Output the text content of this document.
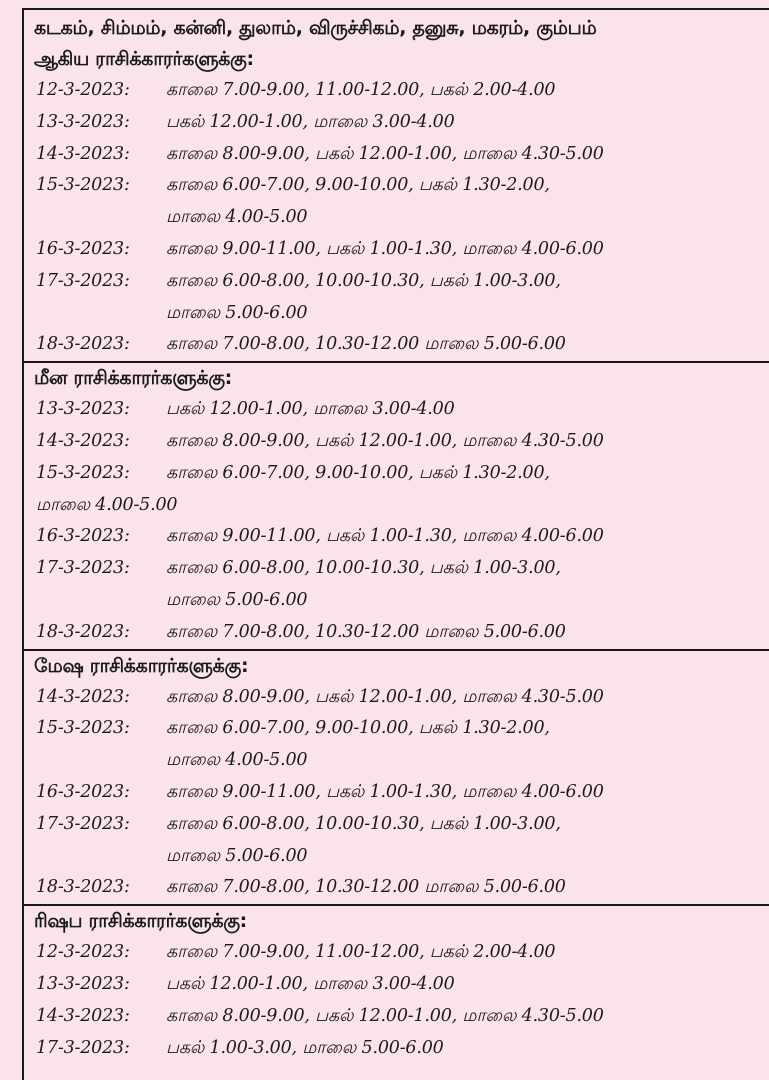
கடகம், சிம்மம், கன்னி, துலாம், விருச்சிகம், தனுசு, மகரம், கும்பம்
ஆகிய ராசிக்காரர்களுக்கு:
12-3-2023: காலை 7.00-9.00, 11.00-12.00, பகல் 2.00-4.00
13-3-2023: பகல் 12.00-1.00, மாலை 3.00-4.00
14-3-2023: காலை 8.00-9.00, பகல் 12.00-1.00, மாலை 4.30-5.00
15-3-2023: காலை 6.00-7.00, 9.00-10.00, பகல் 1.30-2.00,
மாலை 4.00-5.00
16-3-2023: காலை 9.00-11.00, பகல் 1.00-1.30, மாலை 4.00-6.00
17-3-2023: காலை 6.00-8.00, 10.00-10.30, பகல் 1.00-3.00,
மாலை 5.00-6.00
18-3-2023: காலை 7.00-8.00, 10.30-12.00 மாலை 5.00-6.00
மீன ராசிக்காரர்களுக்கு:
13-3-2023: பகல் 12.00-1.00, மாலை 3.00-4.00
14-3-2023: காலை 8.00-9.00, பகல் 12.00-1.00, மாலை 4.30-5.00
15-3-2023: காலை 6.00-7.00, 9.00-10.00, பகல் 1.30-2.00,
மாலை 4.00-5.00
16-3-2023: காலை 9.00-11.00, பகல் 1.00-1.30, மாலை 4.00-6.00
17-3-2023: காலை 6.00-8.00, 10.00-10.30, பகல் 1.00-3.00,
மாலை 5.00-6.00
18-3-2023: காலை 7.00-8.00, 10.30-12.00 மாலை 5.00-6.00
மேஷ ராசிக்காரர்களுக்கு:
14-3-2023: காலை 8.00-9.00, பகல் 12.00-1.00, மாலை 4.30-5.00
15-3-2023: காலை 6.00-7.00, 9.00-10.00, பகல் 1.30-2.00,
மாலை 4.00-5.00
16-3-2023: காலை 9.00-11.00, பகல் 1.00-1.30, மாலை 4.00-6.00
17-3-2023: காலை 6.00-8.00, 10.00-10.30, பகல் 1.00-3.00,
மாலை 5.00-6.00
18-3-2023: காலை 7.00-8.00, 10.30-12.00 மாலை 5.00-6.00
ரிஷப ராசிக்காரர்களுக்கு:
12-3-2023: காலை 7.00-9.00, 11.00-12.00, பகல் 2.00-4.00
13-3-2023: பகல் 12.00-1.00, மாலை 3.00-4.00
14-3-2023: காலை 8.00-9.00, பகல் 12.00-1.00, மாலை 4.30-5.00
17-3-2023: பகல் 1.00-3.00, மாலை 5.00-6.00
